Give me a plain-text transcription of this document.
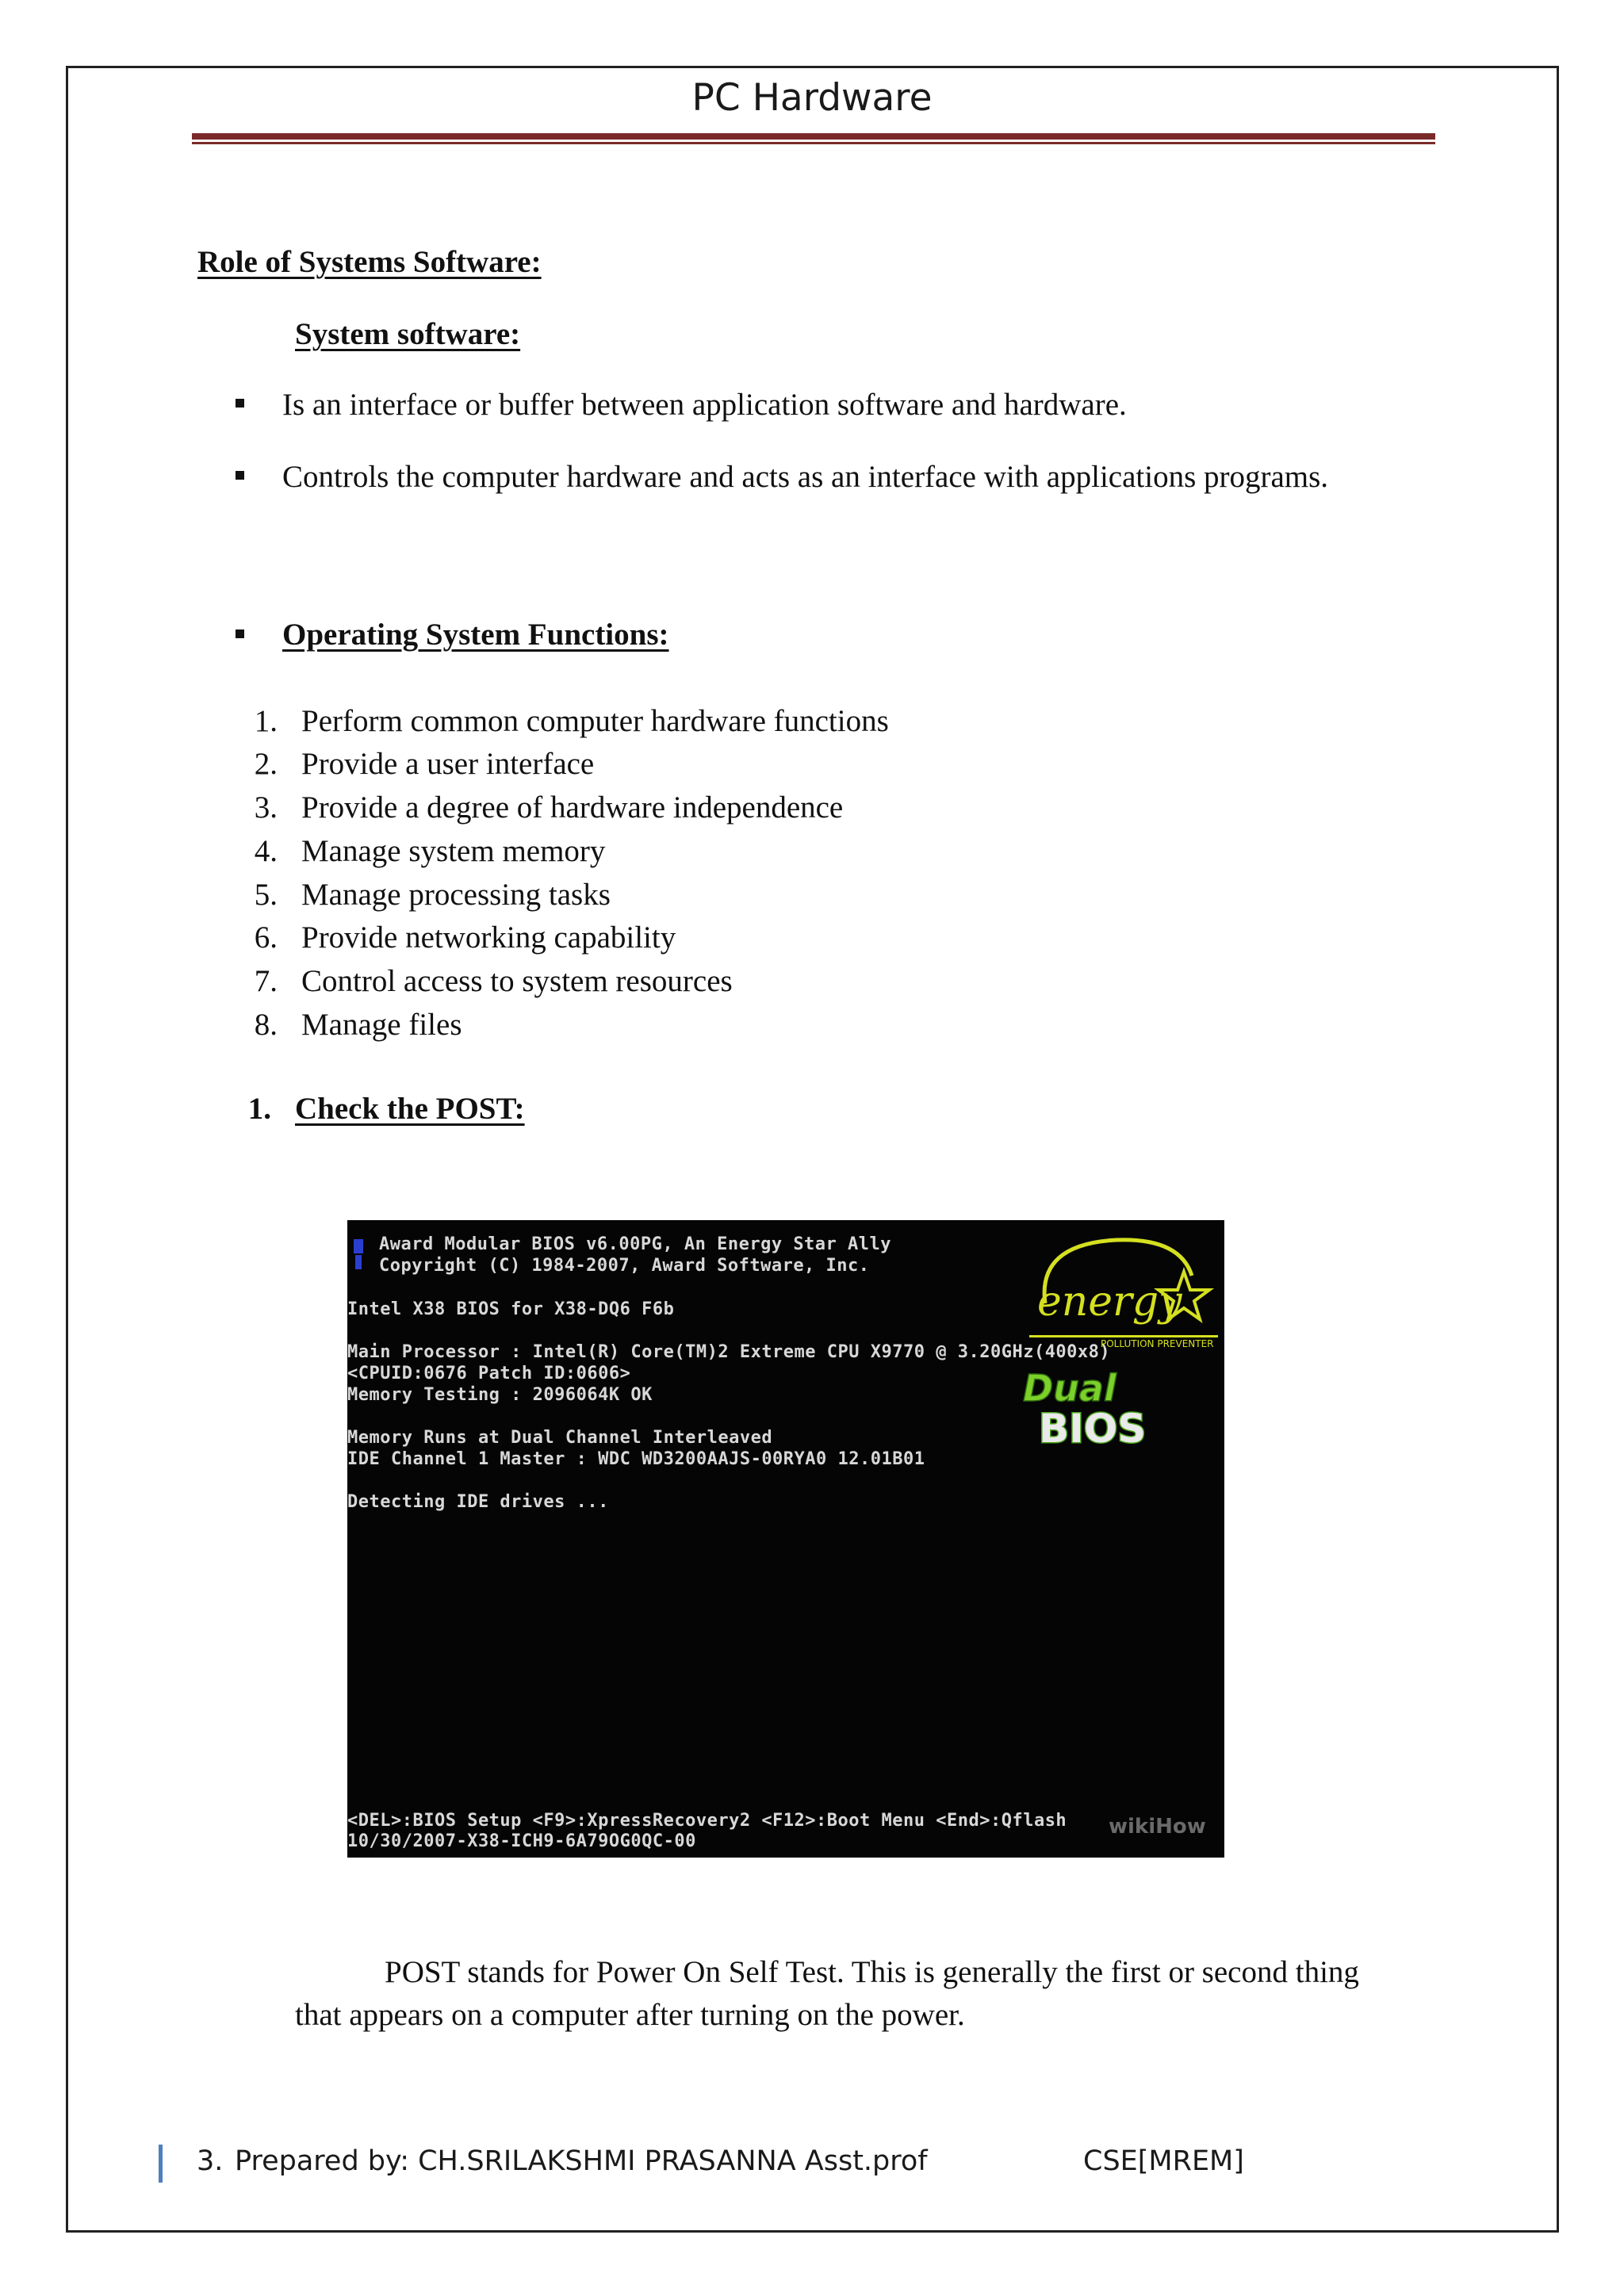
PC Hardware
Role of Systems Software:
System software:
Is an interface or buffer between application software and hardware.
Controls the computer hardware and acts as an interface with applications programs.
Operating System Functions:
1. Perform common computer hardware functions
2. Provide a user interface
3. Provide a degree of hardware independence
4. Manage system memory
5. Manage processing tasks
6. Provide networking capability
7. Control access to system resources
8. Manage files
1. Check the POST:
Award Modular BIOS v6.00PG, An Energy Star Ally
Copyright (C) 1984-2007, Award Software, Inc.
Intel X38 BIOS for X38-DQ6 F6b
Main Processor : Intel(R) Core(TM)2 Extreme CPU X9770 @ 3.20GHz(400x8)
<CPUID:0676 Patch ID:0606>
Memory Testing : 2096064K OK
Memory Runs at Dual Channel Interleaved
IDE Channel 1 Master : WDC WD3200AAJS-00RYA0 12.01B01
Detecting IDE drives ...
<DEL>:BIOS Setup <F9>:XpressRecovery2 <F12>:Boot Menu <End>:Qflash
10/30/2007-X38-ICH9-6A79OG0QC-00
energy
POLLUTION PREVENTER
Dual
BIOS
wikiHow
POST stands for Power On Self Test. This is generally the first or second thing
that appears on a computer after turning on the power.
3. Prepared by: CH.SRILAKSHMI PRASANNA Asst.prof	CSE[MREM]
